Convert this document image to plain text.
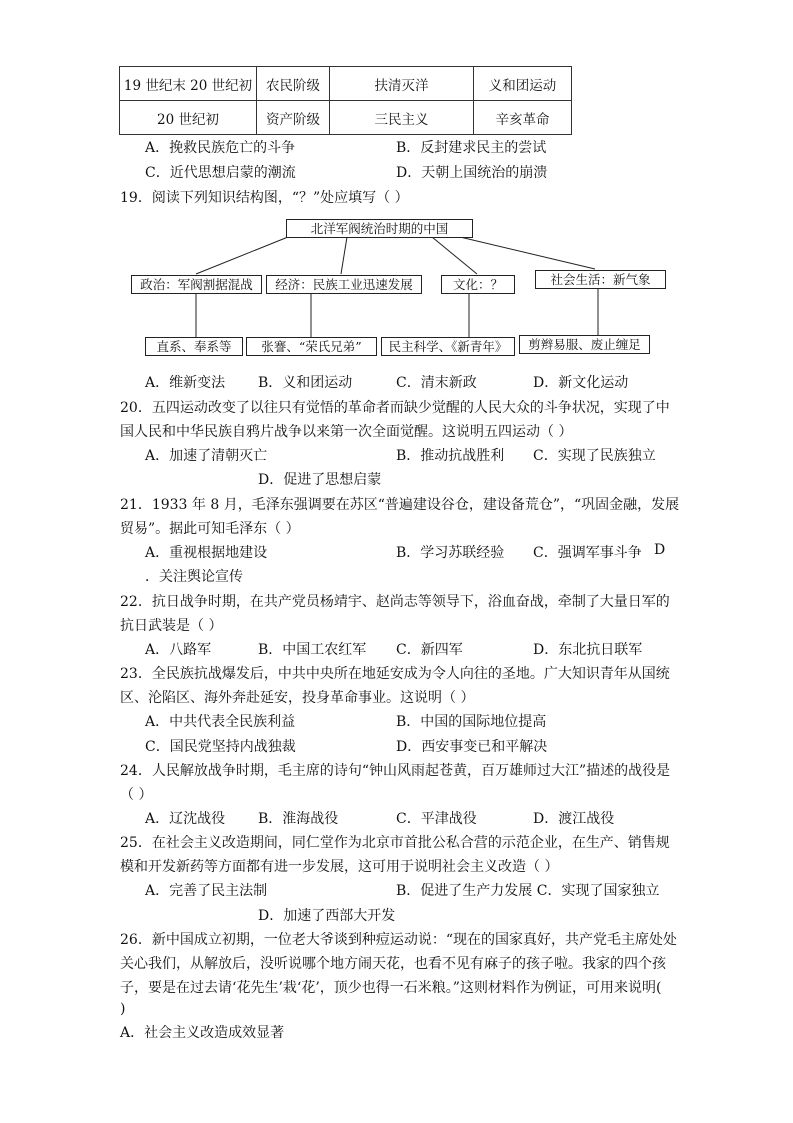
19 世纪末 20 世纪初	农民阶级	扶清灭洋	义和团运动
20 世纪初	资产阶级	三民主义	辛亥革命
A．挽救民族危亡的斗争	B．反封建求民主的尝试
C．近代思想启蒙的潮流	D．天朝上国统治的崩溃
19．阅读下列知识结构图，“？”处应填写（ ）
北洋军阀统治时期的中国
政治：军阀割据混战	经济：民族工业迅速发展	文化：？	社会生活：新气象
直系、奉系等	张謇、“荣氏兄弟”	民主科学、《新青年》	剪辫易服、废止缠足
A．维新变法 B．义和团运动	C．清末新政	D．新文化运动
20．五四运动改变了以往只有觉悟的革命者而缺少觉醒的人民大众的斗争状况，实现了中
国人民和中华民族自鸦片战争以来第一次全面觉醒。这说明五四运动（ ）
A．加速了清朝灭亡	B．推动抗战胜利 C．实现了民族独立
D．促进了思想启蒙
21．1933 年 8 月，毛泽东强调要在苏区“普遍建设谷仓，建设备荒仓”，“巩固金融，发展
贸易”。据此可知毛泽东（ ）
A．重视根据地建设	B．学习苏联经验 C．强调军事斗争 D
．关注舆论宣传
22．抗日战争时期，在共产党员杨靖宇、赵尚志等领导下，浴血奋战，牵制了大量日军的
抗日武装是（ ）
A．八路军	B．中国工农红军 C．新四军	D．东北抗日联军
23．全民族抗战爆发后，中共中央所在地延安成为令人向往的圣地。广大知识青年从国统
区、沦陷区、海外奔赴延安，投身革命事业。这说明（ ）
A．中共代表全民族利益	B．中国的国际地位提高
C．国民党坚持内战独裁	D．西安事变已和平解决
24．人民解放战争时期，毛主席的诗句“钟山风雨起苍黄，百万雄师过大江”描述的战役是
（ ）
A．辽沈战役 B．淮海战役	C．平津战役	D．渡江战役
25．在社会主义改造期间，同仁堂作为北京市首批公私合营的示范企业，在生产、销售规
模和开发新药等方面都有进一步发展，这可用于说明社会主义改造（ ）
A．完善了民主法制	B．促进了生产力发展 C．实现了国家独立
D．加速了西部大开发
26．新中国成立初期，一位老大爷谈到种痘运动说：“现在的国家真好，共产党毛主席处处
关心我们，从解放后，没听说哪个地方闹天花，也看不见有麻子的孩子啦。我家的四个孩
子，要是在过去请‘花先生’栽‘花’，顶少也得一石米粮。”这则材料作为例证，可用来说明(
)
A．社会主义改造成效显著
